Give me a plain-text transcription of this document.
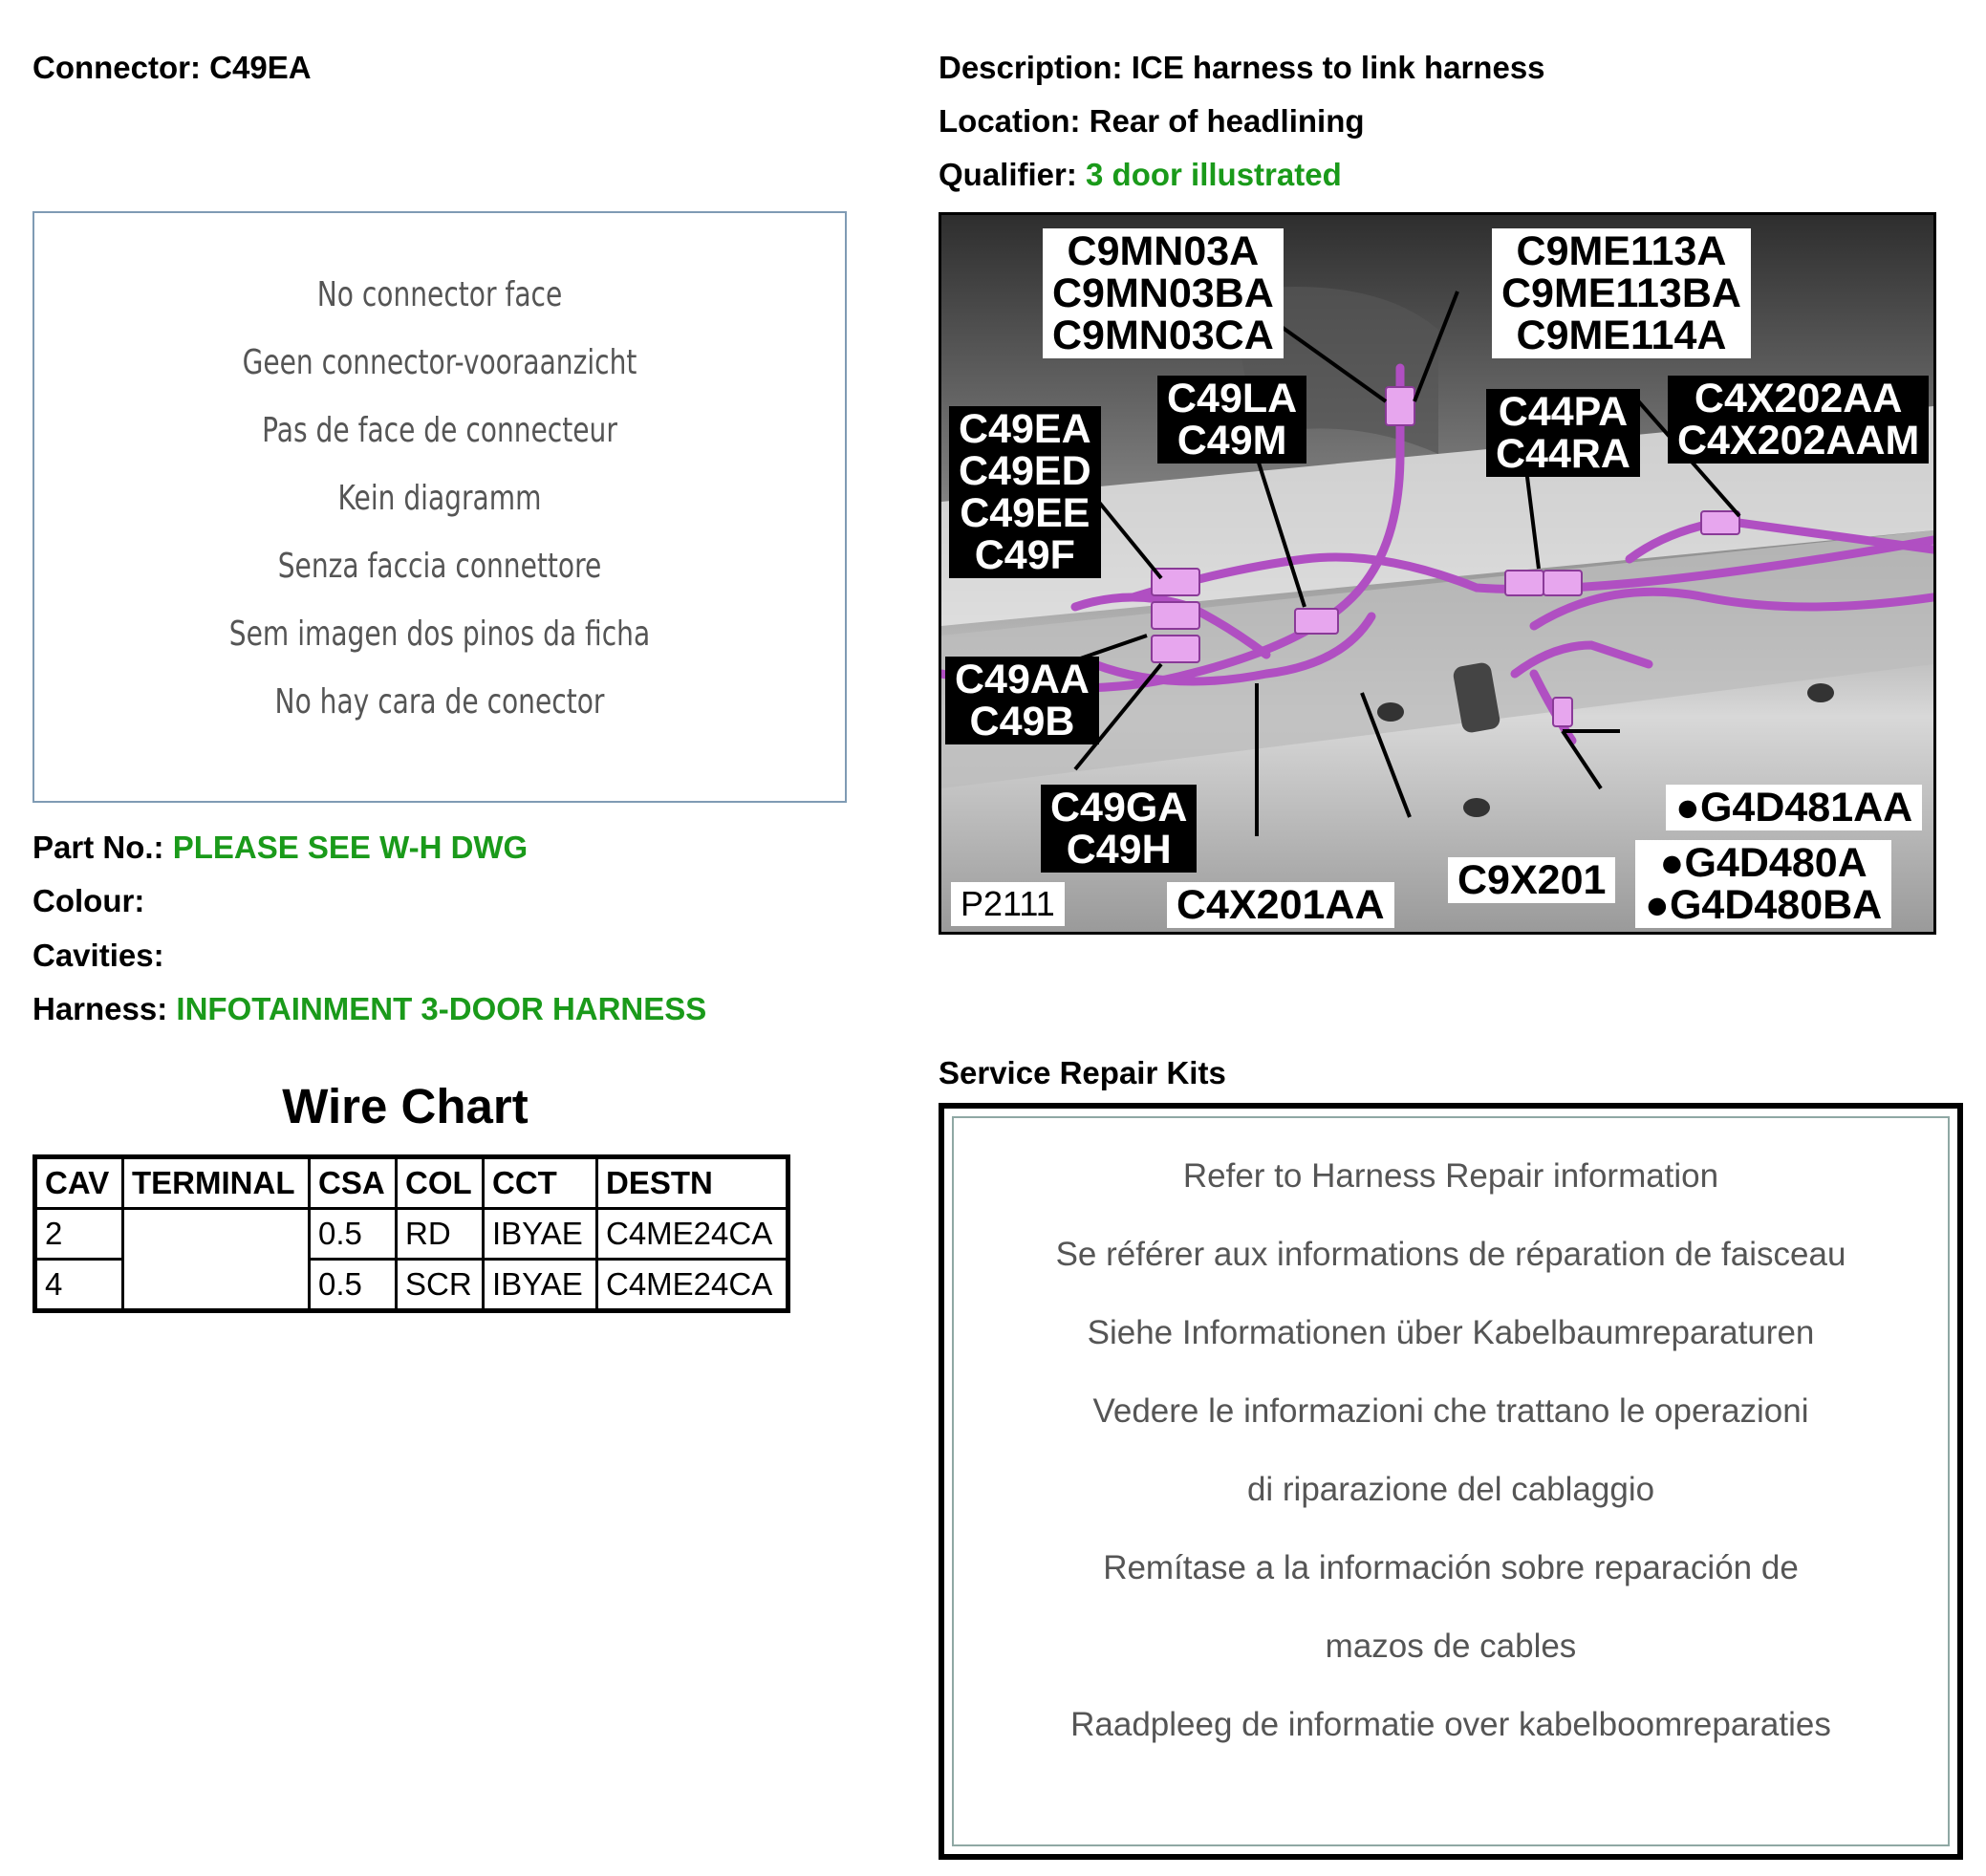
Connector: C49EA	Description: ICE harness to link harness
Location: Rear of headlining
Qualifier: 3 door illustrated
No connector face
Geen connector-vooraanzicht
Pas de face de connecteur
Kein diagramm
Senza faccia connettore
Sem imagen dos pinos da ficha
No hay cara de conector
Part No.: PLEASE SEE W-H DWG
Colour:
Cavities:
Harness: INFOTAINMENT 3-DOOR HARNESS
Wire Chart
CAV	TERMINAL	CSA	COL	CCT	DESTN
2		0.5	RD	IBYAE	C4ME24CA
4		0.5	SCR	IBYAE	C4ME24CA
C9MN03A
C9MN03BA
C9MN03CA
C9ME113A
C9ME113BA
C9ME114A
C49LA
C49M
C44PA
C44RA
C4X202AA
C4X202AAM
C49EA
C49ED
C49EE
C49F
C49AA
C49B
C49GA
C49H
C4X201AA
C9X201
●G4D481AA
●G4D480A
●G4D480BA
P2111
Service Repair Kits
Refer to Harness Repair information
Se référer aux informations de réparation de faisceau
Siehe Informationen über Kabelbaumreparaturen
Vedere le informazioni che trattano le operazioni
di riparazione del cablaggio
Remítase a la información sobre reparación de
mazos de cables
Raadpleeg de informatie over kabelboomreparaties
